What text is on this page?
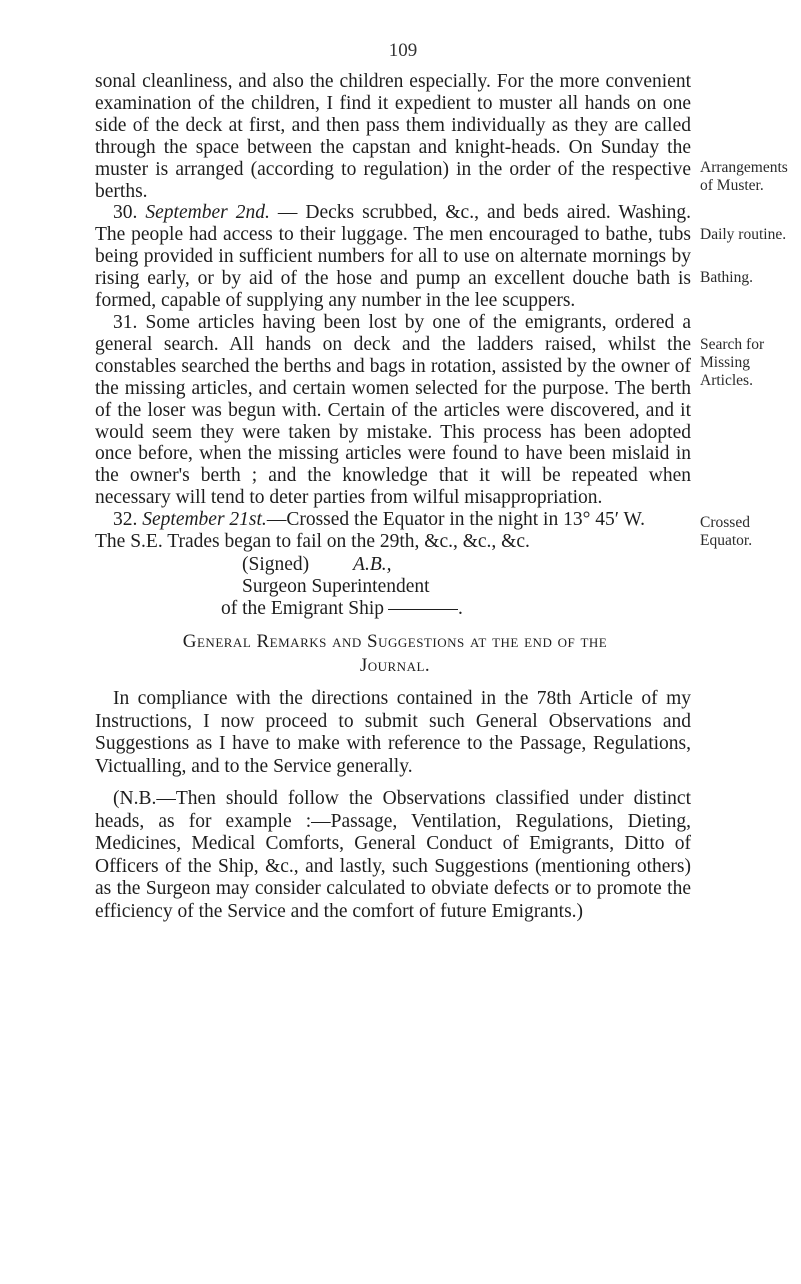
109

sonal cleanliness, and also the children especially. For the more convenient examination of the children, I find it expedient to muster all hands on one side of the deck at first, and then pass them individually as they are called through the space between the capstan and knight-heads. On Sunday the muster is arranged (according to regulation) in the order of the respective berths.

30. September 2nd. — Decks scrubbed, &c., and beds aired. Washing. The people had access to their luggage. The men encouraged to bathe, tubs being provided in sufficient numbers for all to use on alternate mornings by rising early, or by aid of the hose and pump an excellent douche bath is formed, capable of supplying any number in the lee scuppers.

31. Some articles having been lost by one of the emigrants, ordered a general search. All hands on deck and the ladders raised, whilst the constables searched the berths and bags in rotation, assisted by the owner of the missing articles, and certain women selected for the purpose. The berth of the loser was begun with. Certain of the articles were discovered, and it would seem they were taken by mistake. This process has been adopted once before, when the missing articles were found to have been mislaid in the owner's berth ; and the knowledge that it will be repeated when necessary will tend to deter parties from wilful misappropriation.

32. September 21st.—Crossed the Equator in the night in 13° 45′ W.

The S.E. Trades began to fail on the 29th, &c., &c., &c.

(Signed) A.B.,
Surgeon Superintendent
of the Emigrant Ship	.
Arrangements
of Muster.
Daily routine.
Bathing.
Search for
Missing
Articles.
Crossed
Equator.
General Remarks and Suggestions at the end of the
Journal.

In compliance with the directions contained in the 78th Article of my Instructions, I now proceed to submit such General Observations and Suggestions as I have to make with reference to the Passage, Regulations, Victualling, and to the Service generally.

(N.B.—Then should follow the Observations classified under distinct heads, as for example :—Passage, Ventilation, Regulations, Dieting, Medicines, Medical Comforts, General Conduct of Emigrants, Ditto of Officers of the Ship, &c., and lastly, such Suggestions (mentioning others) as the Surgeon may consider calculated to obviate defects or to promote the efficiency of the Service and the comfort of future Emigrants.)
